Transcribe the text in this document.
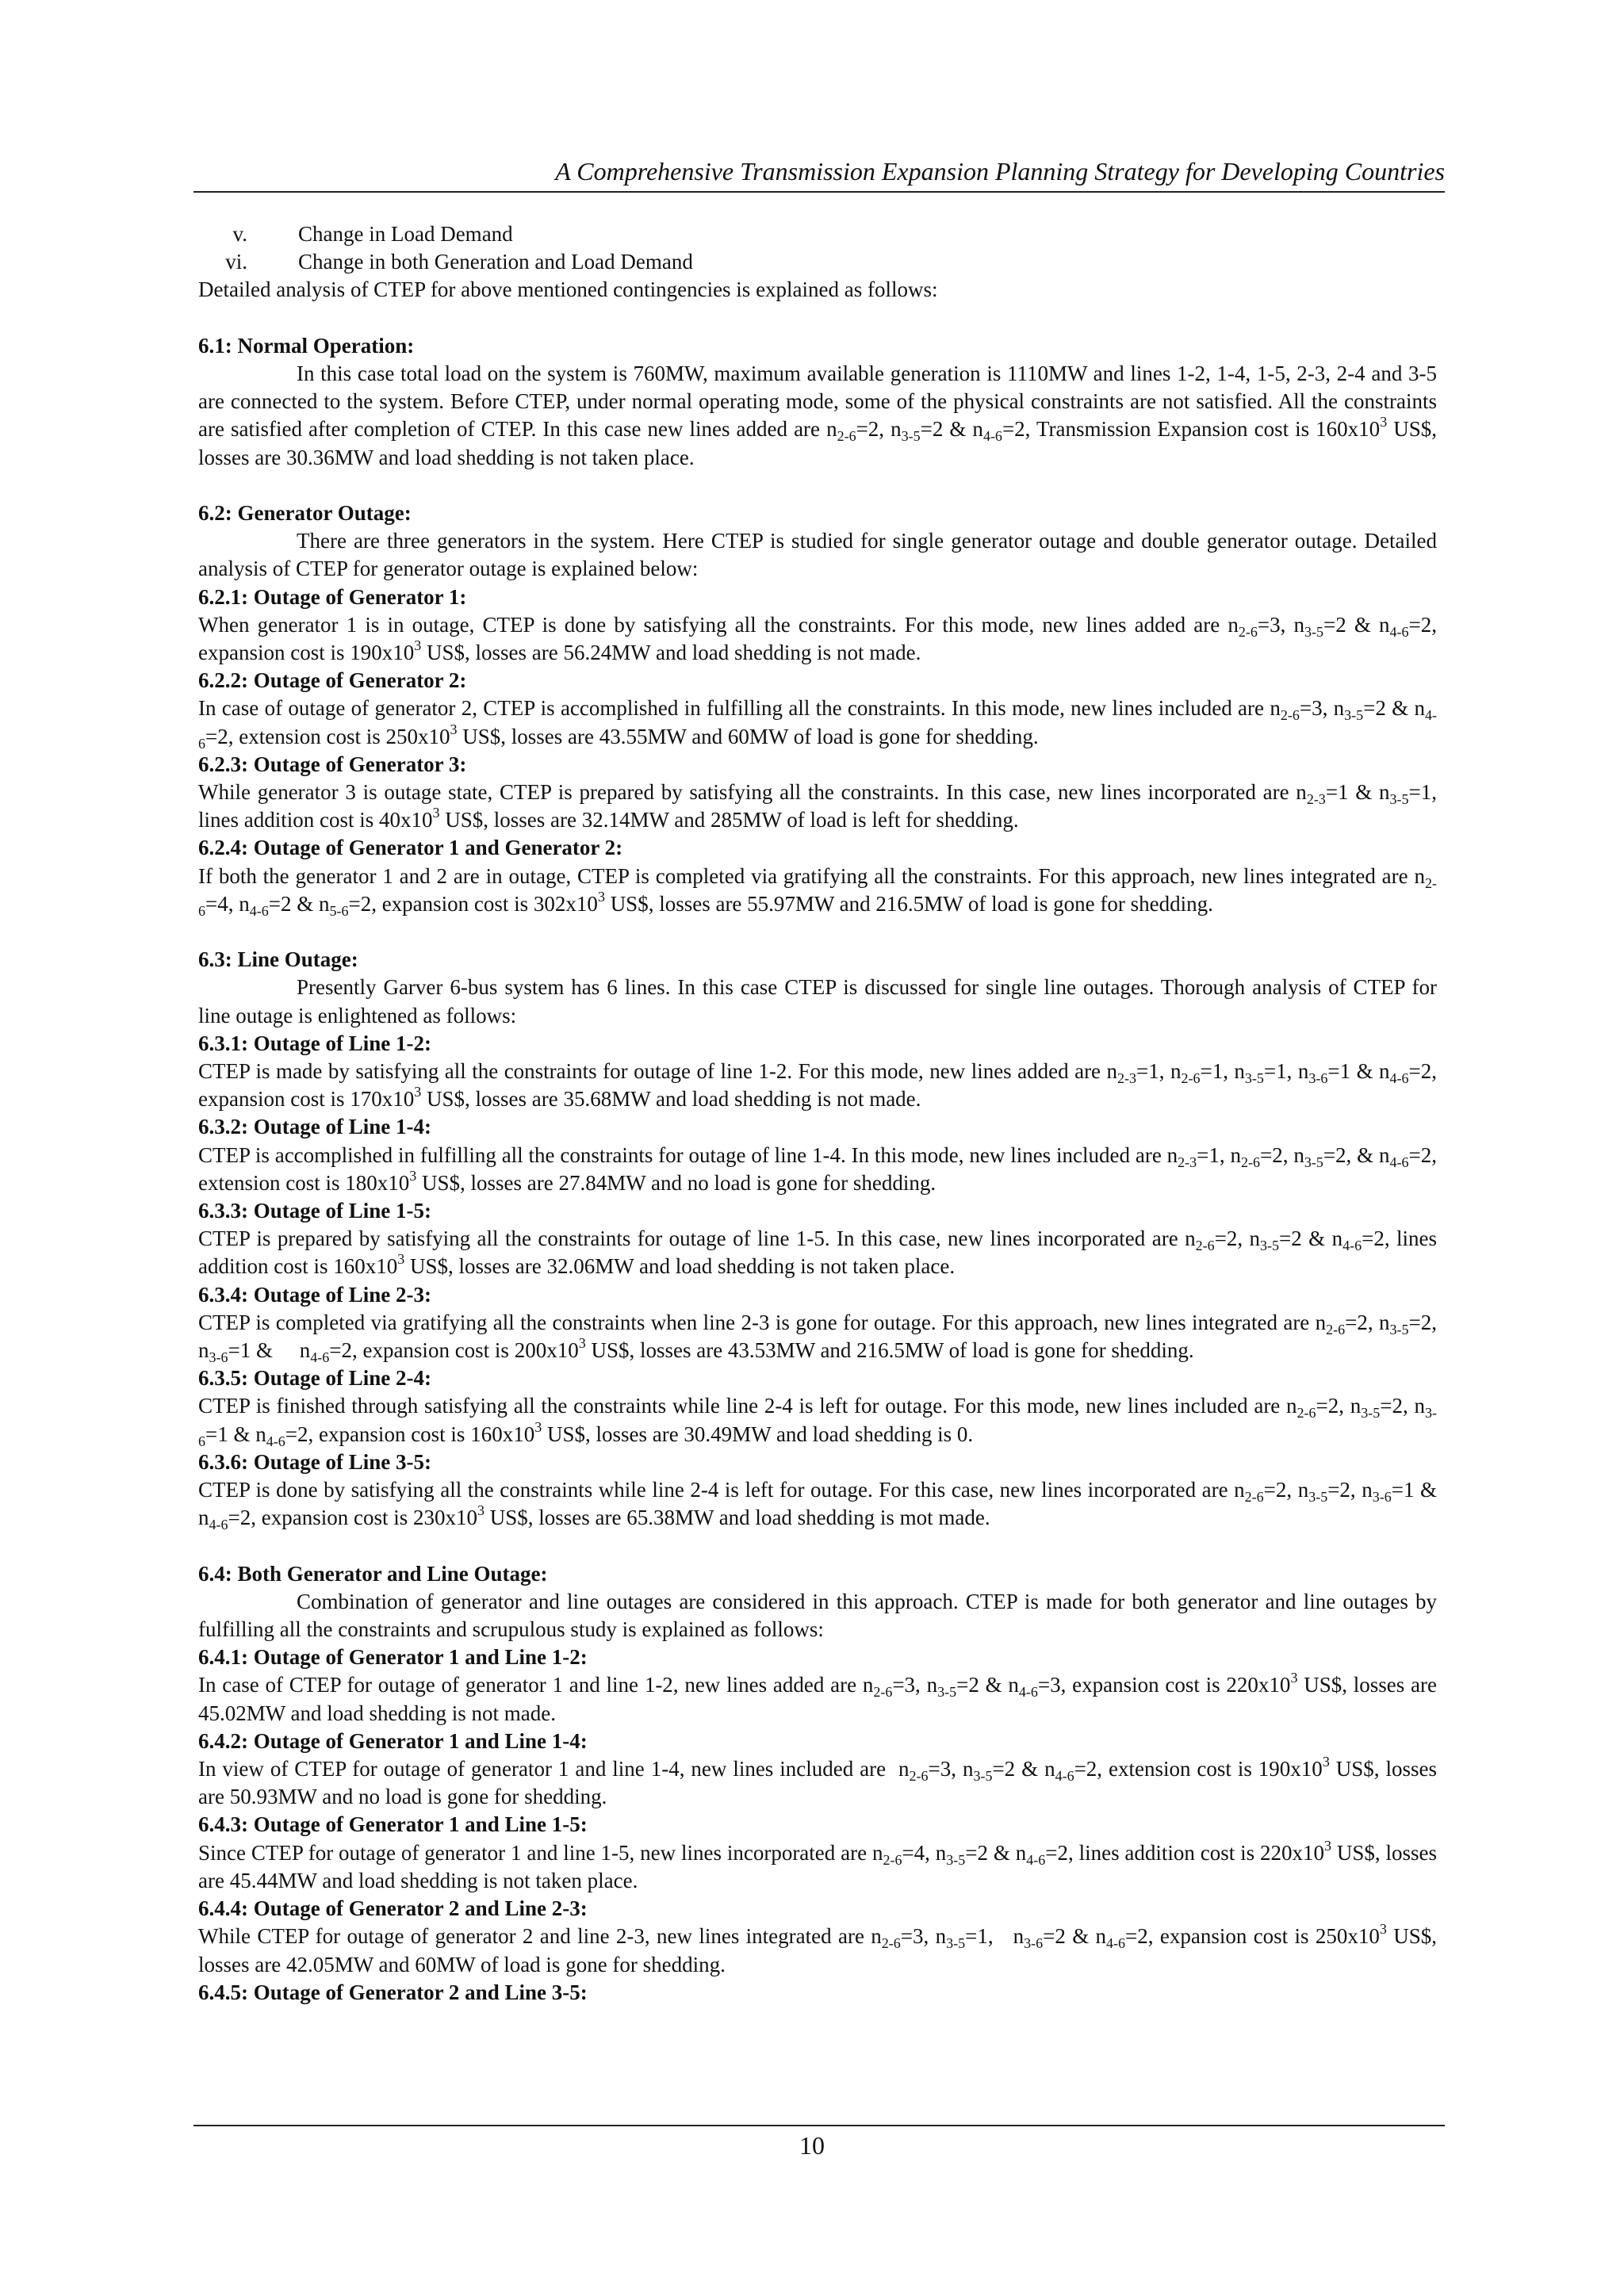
A Comprehensive Transmission Expansion Planning Strategy for Developing Countries
v. Change in Load Demand
vi. Change in both Generation and Load Demand

Detailed analysis of CTEP for above mentioned contingencies is explained as follows:

6.1: Normal Operation:

In this case total load on the system is 760MW, maximum available generation is 1110MW and lines 1-2, 1-4, 1-5, 2-3, 2-4 and 3-5 are connected to the system. Before CTEP, under normal operating mode, some of the physical constraints are not satisfied. All the constraints are satisfied after completion of CTEP. In this case new lines added are $n_{2-6}=2$, $n_{3-5}=2$ & $n_{4-6}=2$, Transmission Expansion cost is $160x10^3$ US$, losses are 30.36MW and load shedding is not taken place.

6.2: Generator Outage:

There are three generators in the system. Here CTEP is studied for single generator outage and double generator outage. Detailed analysis of CTEP for generator outage is explained below:

6.2.1: Outage of Generator 1:

When generator 1 is in outage, CTEP is done by satisfying all the constraints. For this mode, new lines added are $n_{2-6}=3$, $n_{3-5}=2$ & $n_{4-6}=2$, expansion cost is $190x10^3$ US$, losses are 56.24MW and load shedding is not made.

6.2.2: Outage of Generator 2:

In case of outage of generator 2, CTEP is accomplished in fulfilling all the constraints. In this mode, new lines included are $n_{2-6}=3$, $n_{3-5}=2$ & $n_{4-6}=2$, extension cost is $250x10^3$ US$, losses are 43.55MW and 60MW of load is gone for shedding.

6.2.3: Outage of Generator 3:

While generator 3 is outage state, CTEP is prepared by satisfying all the constraints. In this case, new lines incorporated are $n_{2-3}=1$ & $n_{3-5}=1$, lines addition cost is $40x10^3$ US$, losses are 32.14MW and 285MW of load is left for shedding.

6.2.4: Outage of Generator 1 and Generator 2:

If both the generator 1 and 2 are in outage, CTEP is completed via gratifying all the constraints. For this approach, new lines integrated are $n_{2-6}=4$, $n_{4-6}=2$ & $n_{5-6}=2$, expansion cost is $302x10^3$ US$, losses are 55.97MW and 216.5MW of load is gone for shedding.

6.3: Line Outage:

Presently Garver 6-bus system has 6 lines. In this case CTEP is discussed for single line outages. Thorough analysis of CTEP for line outage is enlightened as follows:

6.3.1: Outage of Line 1-2:

CTEP is made by satisfying all the constraints for outage of line 1-2. For this mode, new lines added are $n_{2-3}=1$, $n_{2-6}=1$, $n_{3-5}=1$, $n_{3-6}=1$ & $n_{4-6}=2$, expansion cost is $170x10^3$ US$, losses are 35.68MW and load shedding is not made.

6.3.2: Outage of Line 1-4:

CTEP is accomplished in fulfilling all the constraints for outage of line 1-4. In this mode, new lines included are $n_{2-3}=1$, $n_{2-6}=2$, $n_{3-5}=2$, & $n_{4-6}=2$, extension cost is $180x10^3$ US$, losses are 27.84MW and no load is gone for shedding.

6.3.3: Outage of Line 1-5:

CTEP is prepared by satisfying all the constraints for outage of line 1-5. In this case, new lines incorporated are $n_{2-6}=2$, $n_{3-5}=2$ & $n_{4-6}=2$, lines addition cost is $160x10^3$ US$, losses are 32.06MW and load shedding is not taken place.

6.3.4: Outage of Line 2-3:

CTEP is completed via gratifying all the constraints when line 2-3 is gone for outage. For this approach, new lines integrated are $n_{2-6}=2$, $n_{3-5}=2$, $n_{3-6}=1$ &     $n_{4-6}=2$, expansion cost is $200x10^3$ US$, losses are 43.53MW and 216.5MW of load is gone for shedding.

6.3.5: Outage of Line 2-4:

CTEP is finished through satisfying all the constraints while line 2-4 is left for outage. For this mode, new lines included are $n_{2-6}=2$, $n_{3-5}=2$, $n_{3-6}=1$ & $n_{4-6}=2$, expansion cost is $160x10^3$ US$, losses are 30.49MW and load shedding is 0.

6.3.6: Outage of Line 3-5:

CTEP is done by satisfying all the constraints while line 2-4 is left for outage. For this case, new lines incorporated are $n_{2-6}=2$, $n_{3-5}=2$, $n_{3-6}=1$ & $n_{4-6}=2$, expansion cost is $230x10^3$ US$, losses are 65.38MW and load shedding is mot made.

6.4: Both Generator and Line Outage:

Combination of generator and line outages are considered in this approach. CTEP is made for both generator and line outages by fulfilling all the constraints and scrupulous study is explained as follows:

6.4.1: Outage of Generator 1 and Line 1-2:

In case of CTEP for outage of generator 1 and line 1-2, new lines added are $n_{2-6}=3$, $n_{3-5}=2$ & $n_{4-6}=3$, expansion cost is $220x10^3$ US$, losses are 45.02MW and load shedding is not made.

6.4.2: Outage of Generator 1 and Line 1-4:

In view of CTEP for outage of generator 1 and line 1-4, new lines included are  $n_{2-6}=3$, $n_{3-5}=2$ & $n_{4-6}=2$, extension cost is $190x10^3$ US$, losses are 50.93MW and no load is gone for shedding.

6.4.3: Outage of Generator 1 and Line 1-5:

Since CTEP for outage of generator 1 and line 1-5, new lines incorporated are $n_{2-6}=4$, $n_{3-5}=2$ & $n_{4-6}=2$, lines addition cost is $220x10^3$ US$, losses are 45.44MW and load shedding is not taken place.

6.4.4: Outage of Generator 2 and Line 2-3:

While CTEP for outage of generator 2 and line 2-3, new lines integrated are $n_{2-6}=3$, $n_{3-5}=1$,   $n_{3-6}=2$ & $n_{4-6}=2$, expansion cost is $250x10^3$ US$, losses are 42.05MW and 60MW of load is gone for shedding.

6.4.5: Outage of Generator 2 and Line 3-5:

10
